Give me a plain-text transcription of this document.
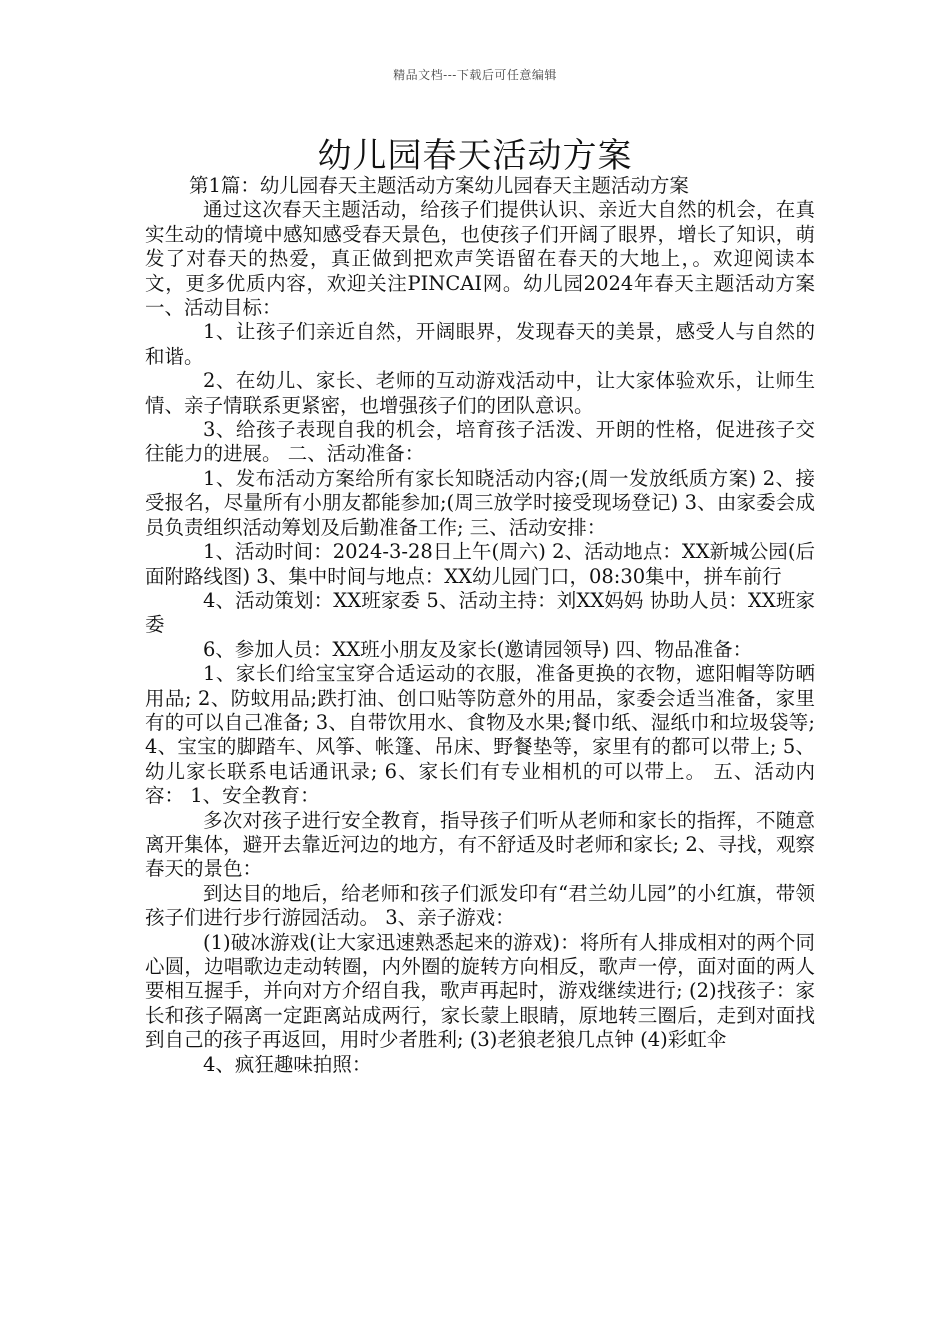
精品文档---下载后可任意编辑
幼儿园春天活动方案

第1篇：幼儿园春天主题活动方案幼儿园春天主题活动方案

通过这次春天主题活动，给孩子们提供认识、亲近大自然的机会，在真实生动的情境中感知感受春天景色，也使孩子们开阔了眼界，增长了知识，萌发了对春天的热爱，真正做到把欢声笑语留在春天的大地上，。欢迎阅读本文，更多优质内容，欢迎关注PINCAI网。幼儿园2024年春天主题活动方案一、活动目标：

1、让孩子们亲近自然，开阔眼界，发现春天的美景，感受人与自然的和谐。

2、在幼儿、家长、老师的互动游戏活动中，让大家体验欢乐，让师生情、亲子情联系更紧密，也增强孩子们的团队意识。

3、给孩子表现自我的机会，培育孩子活泼、开朗的性格，促进孩子交往能力的进展。 二、活动准备：

1、发布活动方案给所有家长知晓活动内容;(周一发放纸质方案) 2、接受报名，尽量所有小朋友都能参加;(周三放学时接受现场登记) 3、由家委会成员负责组织活动筹划及后勤准备工作; 三、活动安排：

1、活动时间：2024-3-28日上午(周六) 2、活动地点：XX新城公园(后面附路线图) 3、集中时间与地点：XX幼儿园门口，08:30集中，拼车前行

4、活动策划：XX班家委 5、活动主持：刘XX妈妈 协助人员：XX班家委

6、参加人员：XX班小朋友及家长(邀请园领导) 四、物品准备：

1、家长们给宝宝穿合适运动的衣服，准备更换的衣物，遮阳帽等防晒用品; 2、防蚊用品;跌打油、创口贴等防意外的用品，家委会适当准备，家里有的可以自己准备; 3、自带饮用水、食物及水果;餐巾纸、湿纸巾和垃圾袋等; 4、宝宝的脚踏车、风筝、帐篷、吊床、野餐垫等，家里有的都可以带上; 5、幼儿家长联系电话通讯录; 6、家长们有专业相机的可以带上。 五、活动内容： 1、安全教育：

多次对孩子进行安全教育，指导孩子们听从老师和家长的指挥，不随意离开集体，避开去靠近河边的地方，有不舒适及时老师和家长; 2、寻找，观察春天的景色：

到达目的地后，给老师和孩子们派发印有“君兰幼儿园”的小红旗，带领孩子们进行步行游园活动。 3、亲子游戏：

(1)破冰游戏(让大家迅速熟悉起来的游戏)：将所有人排成相对的两个同心圆，边唱歌边走动转圈，内外圈的旋转方向相反，歌声一停，面对面的两人要相互握手，并向对方介绍自我，歌声再起时，游戏继续进行; (2)找孩子：家长和孩子隔离一定距离站成两行，家长蒙上眼睛，原地转三圈后，走到对面找到自己的孩子再返回，用时少者胜利; (3)老狼老狼几点钟 (4)彩虹伞

4、疯狂趣味拍照：
